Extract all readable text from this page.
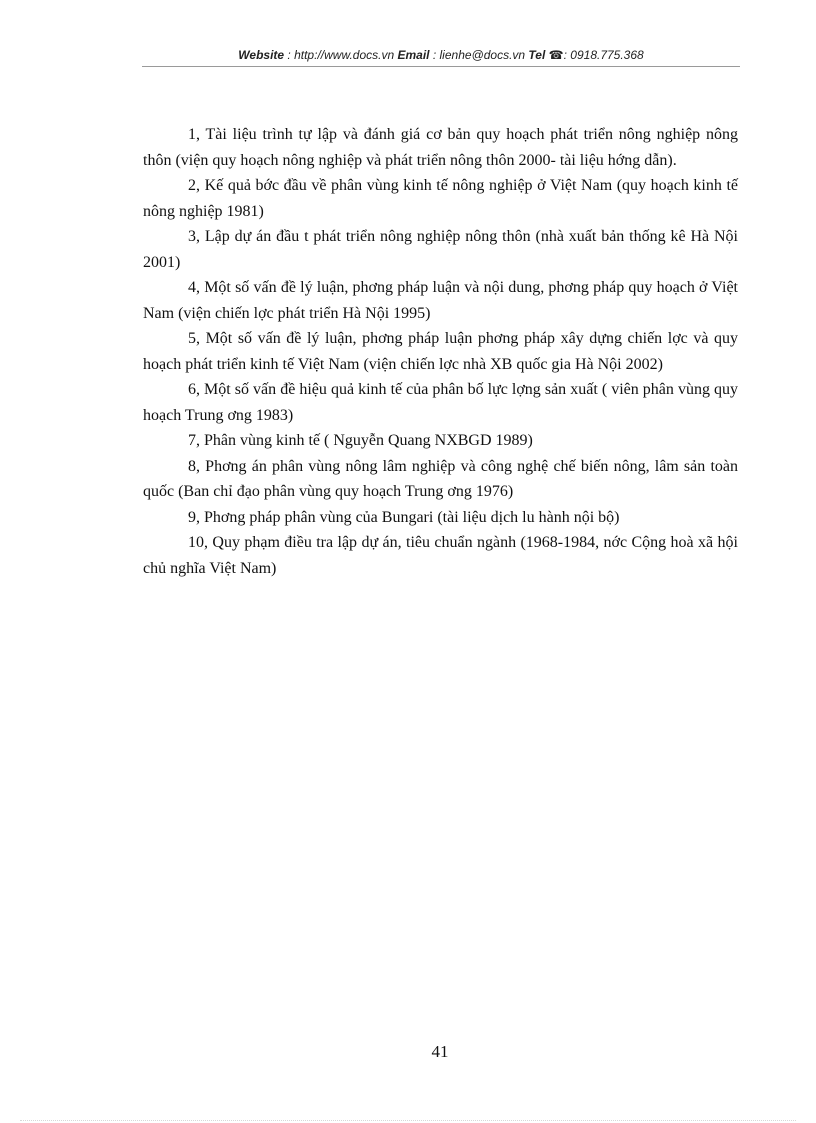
Website : http://www.docs.vn Email : lienhe@docs.vn Tel ☎: 0918.775.368

1, Tài liệu trình tự lập và đánh giá cơ bản quy hoạch phát triển nông nghiệp nông thôn (viện quy hoạch nông nghiệp và phát triển nông thôn 2000- tài liệu hớng dẫn).

2, Kế quả bớc đầu về phân vùng kinh tế nông nghiệp ở Việt Nam (quy hoạch kinh tế nông nghiệp 1981)

3, Lập dự án đầu t phát triển nông nghiệp nông thôn (nhà xuất bản thống kê Hà Nội 2001)

4, Một số vấn đề lý luận, phơng pháp luận và nội dung, phơng pháp quy hoạch ở Việt Nam (viện chiến lợc phát triển Hà Nội 1995)

5, Một số vấn đề lý luận, phơng pháp luận phơng pháp xây dựng chiến lợc và quy hoạch phát triển kinh tế Việt Nam (viện chiến lợc nhà XB quốc gia Hà Nội 2002)

6, Một số vấn đề hiệu quả kinh tế của phân bố lực lợng sản xuất ( viên phân vùng quy hoạch Trung ơng 1983)

7, Phân vùng kinh tế ( Nguyễn Quang NXBGD 1989)

8, Phơng án phân vùng nông lâm nghiệp và công nghệ chế biến nông, lâm sản toàn quốc (Ban chỉ đạo phân vùng quy hoạch Trung ơng 1976)

9, Phơng pháp phân vùng của Bungari (tài liệu dịch lu hành nội bộ)

10, Quy phạm điều tra lập dự án, tiêu chuẩn ngành (1968-1984, nớc Cộng hoà xã hội chủ nghĩa Việt Nam)

41
